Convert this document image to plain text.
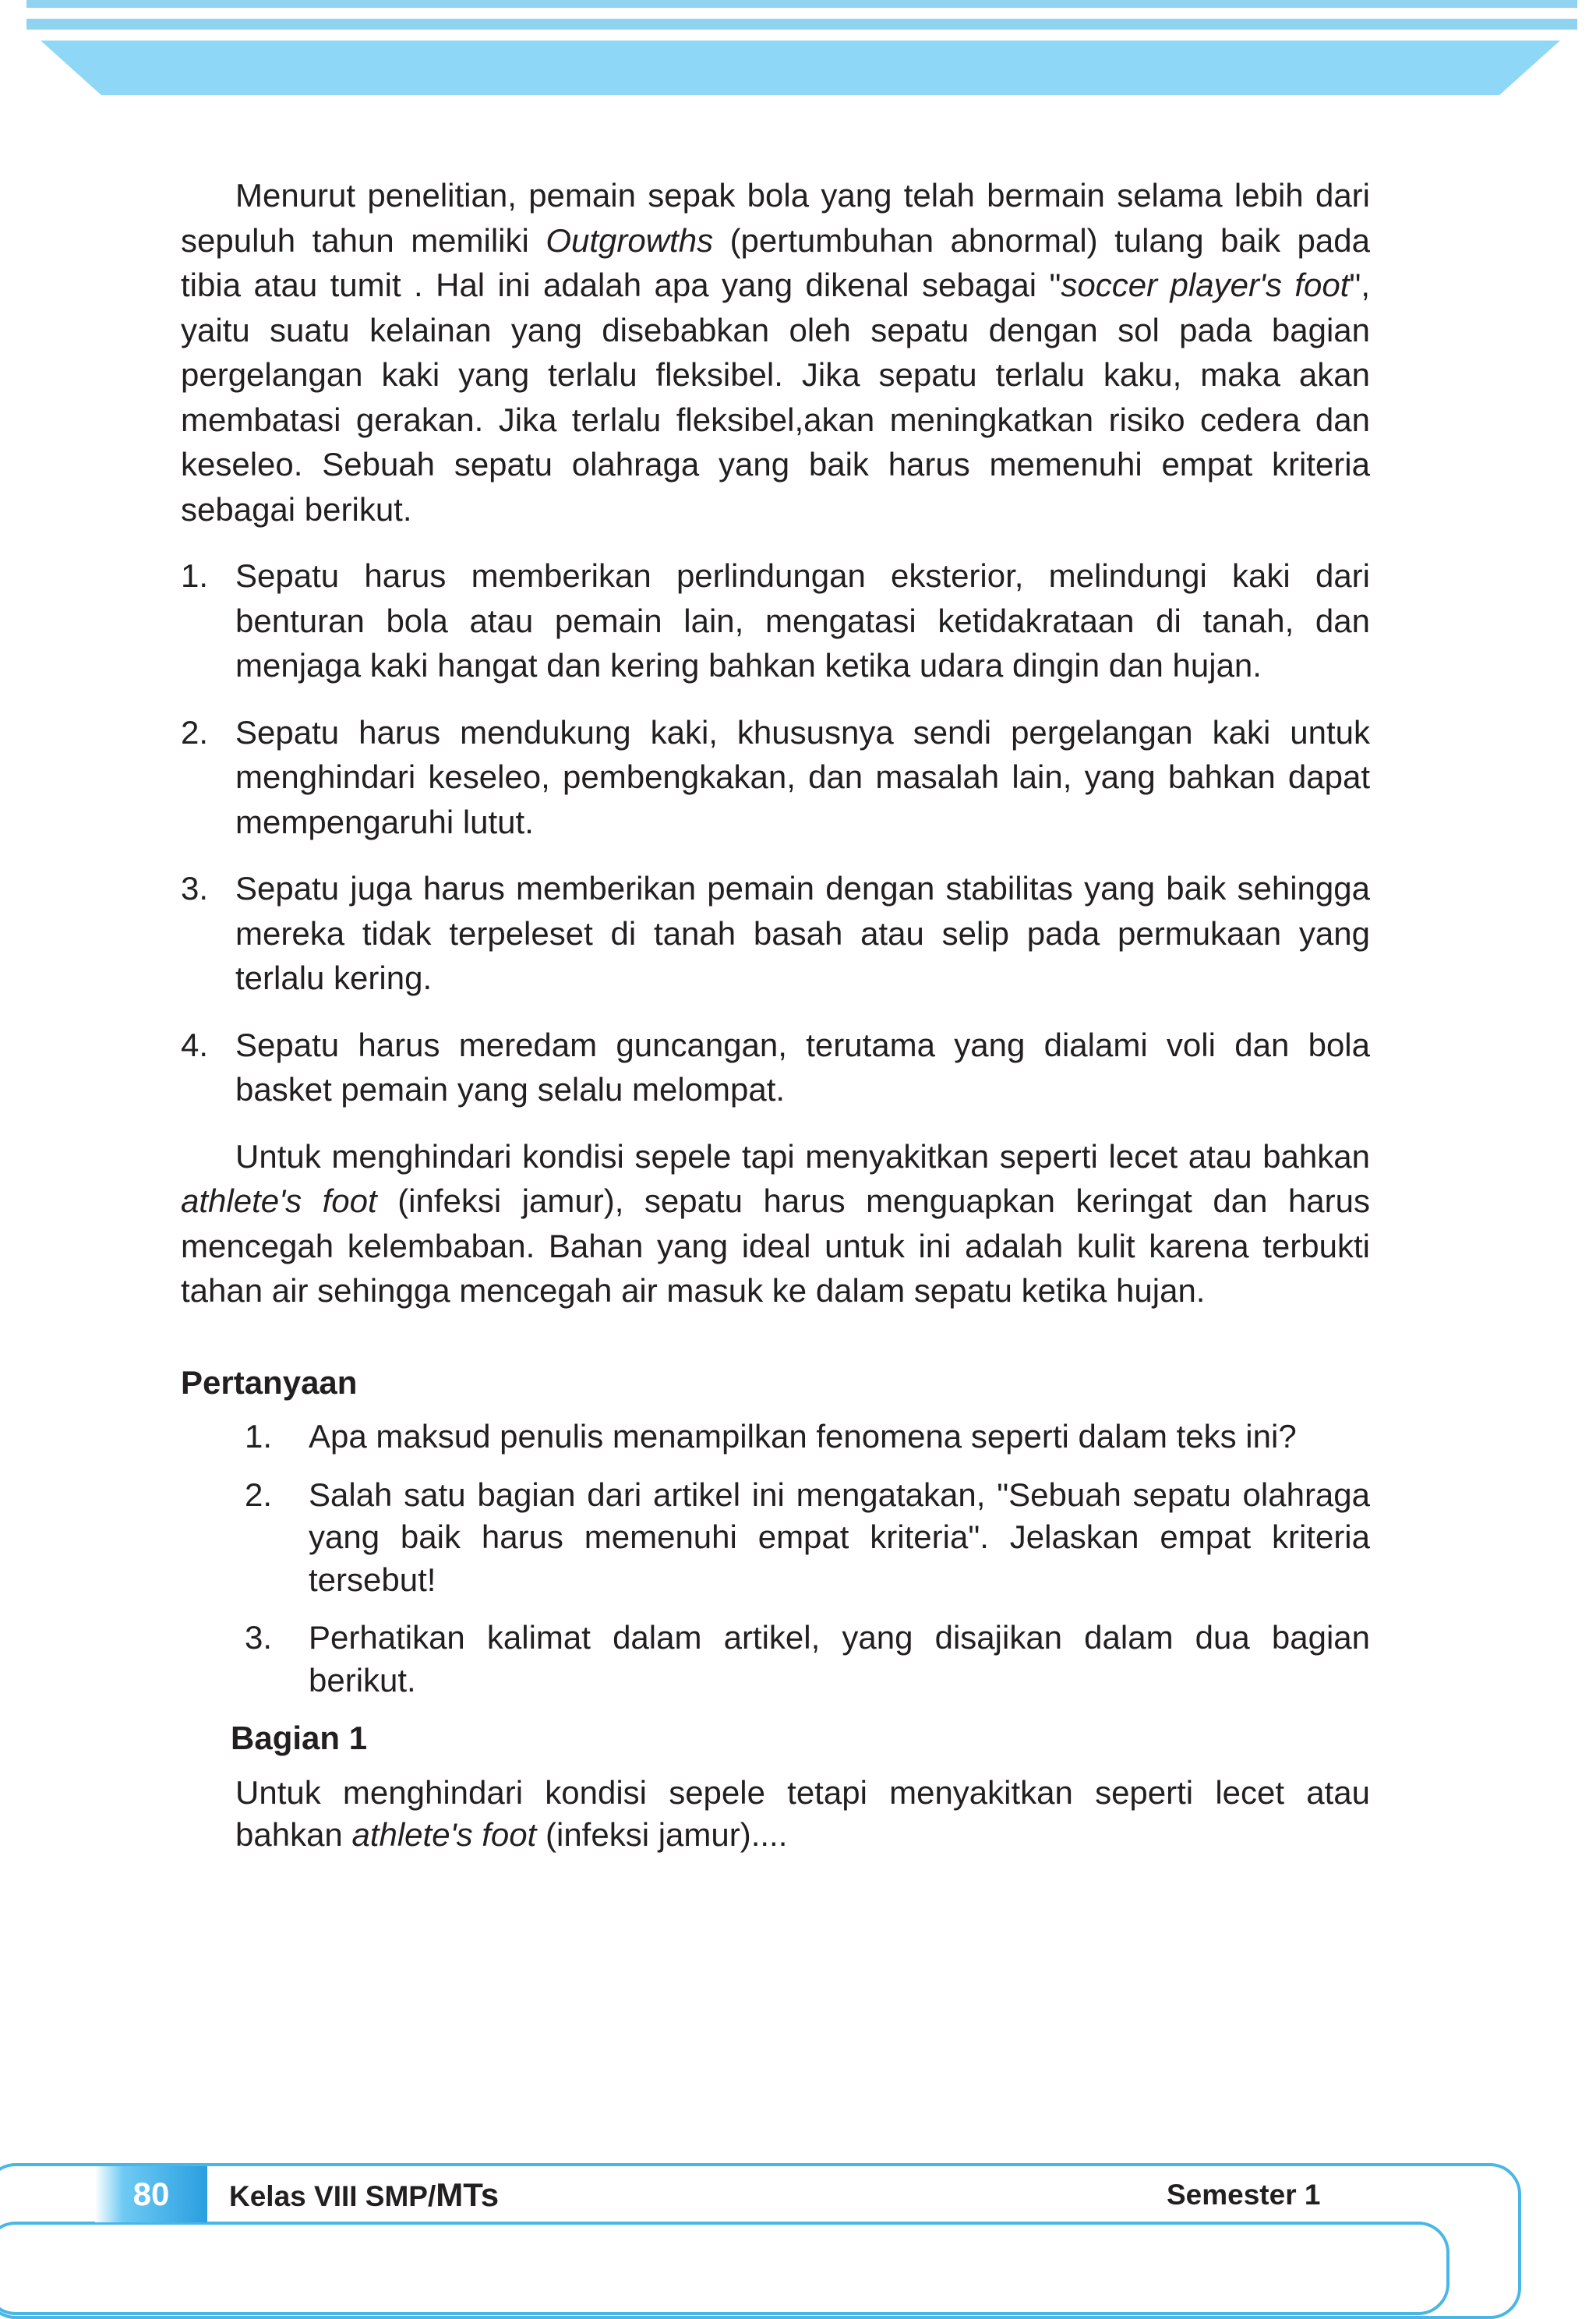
Menurut penelitian, pemain sepak bola yang telah bermain selama lebih dari sepuluh tahun memiliki Outgrowths (pertumbuhan abnormal) tulang baik pada tibia atau tumit . Hal ini adalah apa yang dikenal sebagai "soccer player's foot", yaitu suatu kelainan yang disebabkan oleh sepatu dengan sol pada bagian pergelangan kaki yang terlalu fleksibel. Jika sepatu terlalu kaku, maka akan membatasi gerakan. Jika terlalu fleksibel,akan meningkatkan risiko cedera dan keseleo. Sebuah sepatu olahraga yang baik harus memenuhi empat kriteria sebagai berikut.

1. Sepatu harus memberikan perlindungan eksterior, melindungi kaki dari benturan bola atau pemain lain, mengatasi ketidakrataan di tanah, dan menjaga kaki hangat dan kering bahkan ketika udara dingin dan hujan.
2. Sepatu harus mendukung kaki, khususnya sendi pergelangan kaki untuk menghindari keseleo, pembengkakan, dan masalah lain, yang bahkan dapat mempengaruhi lutut.
3. Sepatu juga harus memberikan pemain dengan stabilitas yang baik sehingga mereka tidak terpeleset di tanah basah atau selip pada permukaan yang terlalu kering.
4. Sepatu harus meredam guncangan, terutama yang dialami voli dan bola basket pemain yang selalu melompat.

Untuk menghindari kondisi sepele tapi menyakitkan seperti lecet atau bahkan athlete's foot (infeksi jamur), sepatu harus menguapkan keringat dan harus mencegah kelembaban. Bahan yang ideal untuk ini adalah kulit karena terbukti tahan air sehingga mencegah air masuk ke dalam sepatu ketika hujan.

Pertanyaan
1. Apa maksud penulis menampilkan fenomena seperti dalam teks ini?
2. Salah satu bagian dari artikel ini mengatakan, "Sebuah sepatu olahraga yang baik harus memenuhi empat kriteria". Jelaskan empat kriteria tersebut!
3. Perhatikan kalimat dalam artikel, yang disajikan dalam dua bagian berikut.
Bagian 1

Untuk menghindari kondisi sepele tetapi menyakitkan seperti lecet atau bahkan athlete's foot (infeksi jamur)....

80	Kelas VIII SMP/MTs	Semester 1
